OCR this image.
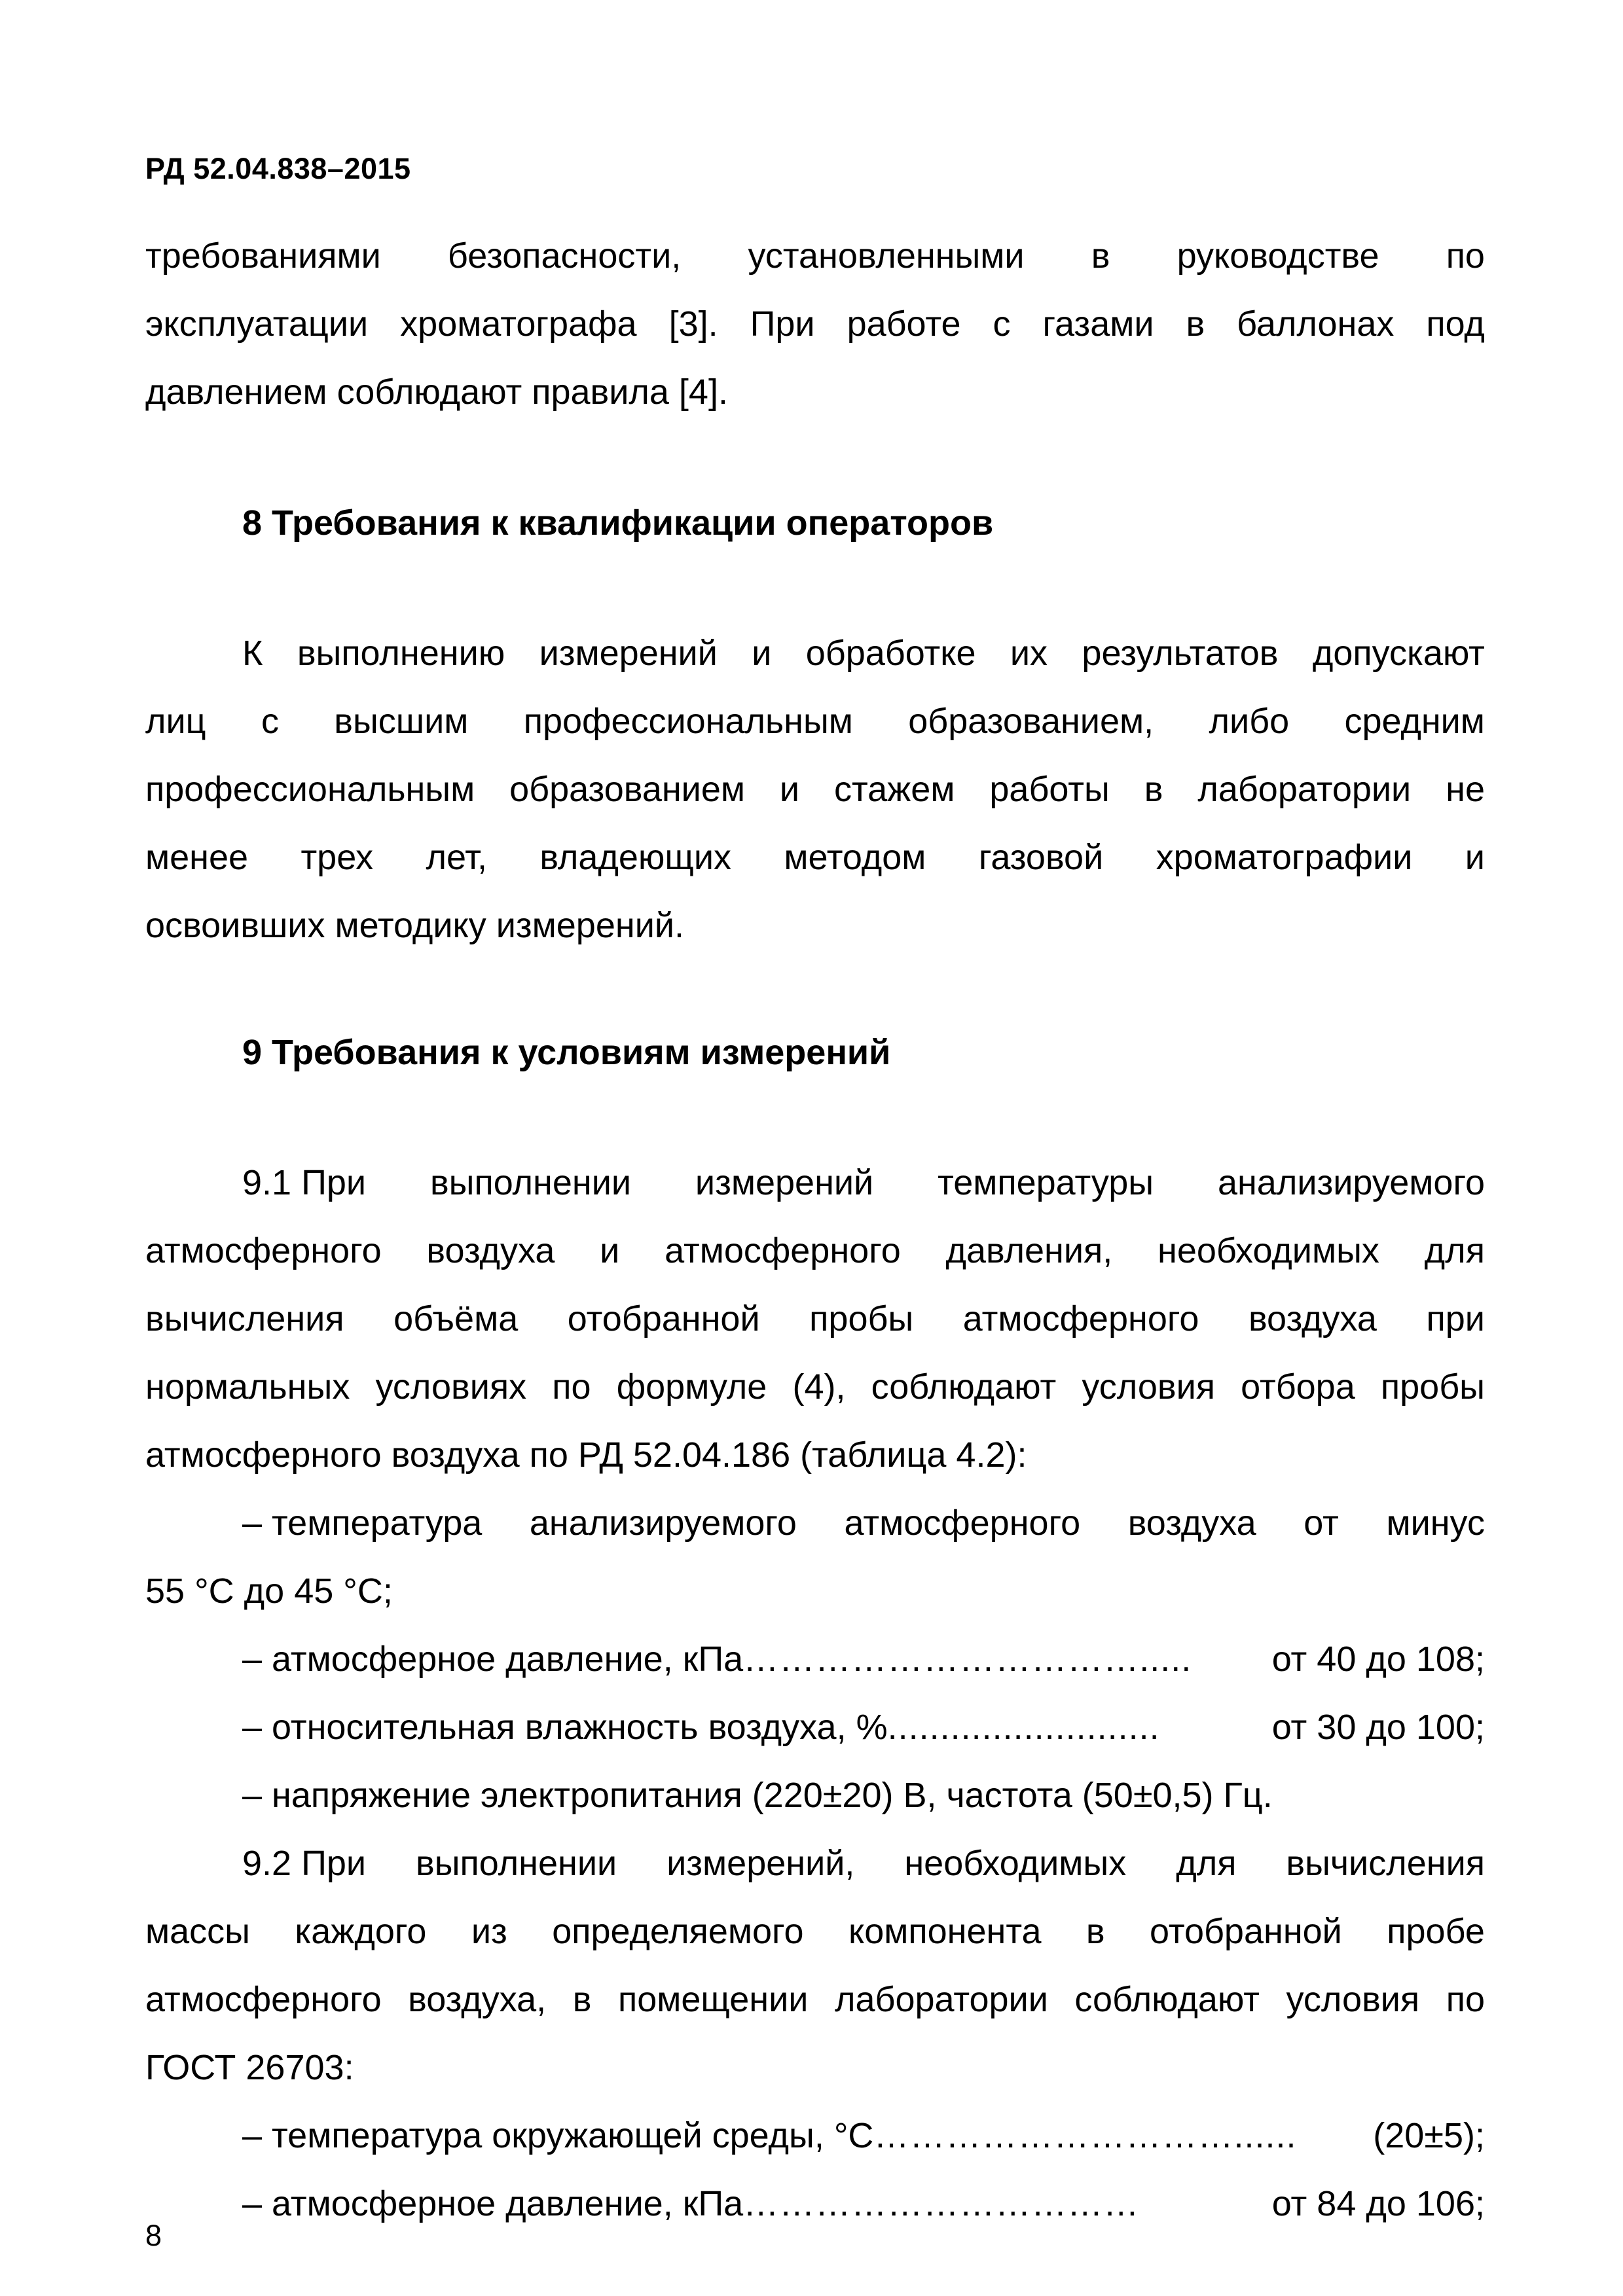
РД 52.04.838–2015
требованиями безопасности, установленными в руководстве по
эксплуатации хроматографа [3]. При работе с газами в баллонах под
давлением соблюдают правила [4].
8 Требования к квалификации операторов
К выполнению измерений и обработке их результатов допускают
лиц с высшим профессиональным образованием, либо средним
профессиональным образованием и стажем работы в лаборатории не
менее трех лет, владеющих методом газовой хроматографии и
освоивших методику измерений.
9 Требования к условиям измерений
9.1 При выполнении измерений температуры анализируемого
атмосферного воздуха и атмосферного давления, необходимых для
вычисления объёма отобранной пробы атмосферного воздуха при
нормальных условиях по формуле (4), соблюдают условия отбора пробы
атмосферного воздуха по РД 52.04.186 (таблица 4.2):
– температура анализируемого атмосферного воздуха от минус
55 °С до 45 °С;
– атмосферное давление, кПа …………………………….....	от 40 до 108;
– относительная влажность воздуха, % ..........................	от 30 до 100;
– напряжение электропитания (220±20) В, частота (50±0,5) Гц.
9.2 При выполнении измерений, необходимых для вычисления
массы каждого из определяемого компонента в отобранной пробе
атмосферного воздуха, в помещении лаборатории соблюдают условия по
ГОСТ 26703:
– температура окружающей среды, °С …………………………......	(20±5);
– атмосферное давление, кПа ……………………………	от 84 до 106;
8
